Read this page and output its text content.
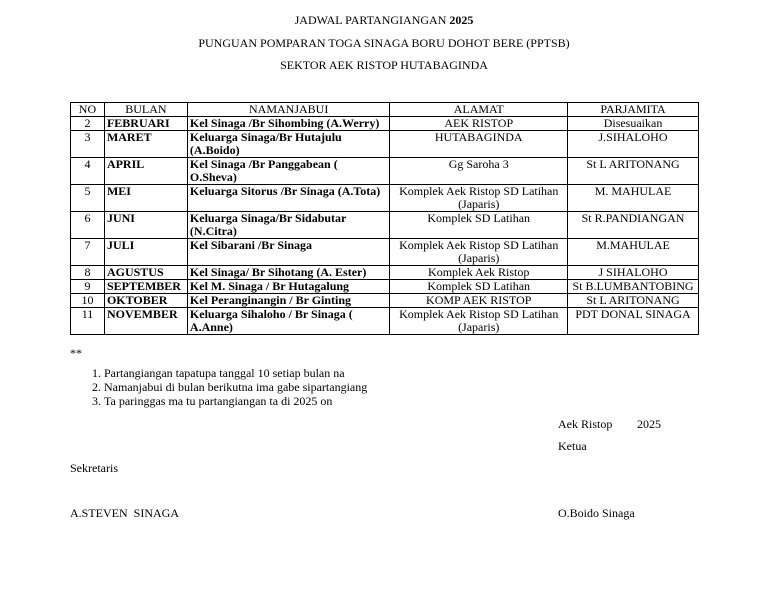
JADWAL PARTANGIANGAN 2025
PUNGUAN POMPARAN TOGA SINAGA BORU DOHOT BERE (PPTSB)
SEKTOR AEK RISTOP HUTABAGINDA
NO	BULAN	NAMANJABUI	ALAMAT	PARJAMITA
2	FEBRUARI	Kel Sinaga /Br Sihombing (A.Werry)	AEK RISTOP	Disesuaikan
3	MARET	Keluarga Sinaga/Br Hutajulu (A.Boido)	HUTABAGINDA	J.SIHALOHO
4	APRIL	Kel Sinaga /Br Panggabean ( O.Sheva)	Gg Saroha 3	St L ARITONANG
5	MEI	Keluarga Sitorus /Br Sinaga (A.Tota)	Komplek Aek Ristop SD Latihan (Japaris)	M. MAHULAE
6	JUNI	Keluarga Sinaga/Br Sidabutar (N.Citra)	Komplek SD Latihan	St R.PANDIANGAN
7	JULI	Kel Sibarani /Br Sinaga	Komplek Aek Ristop SD Latihan (Japaris)	M.MAHULAE
8	AGUSTUS	Kel Sinaga/ Br Sihotang (A. Ester)	Komplek Aek Ristop	J SIHALOHO
9	SEPTEMBER	Kel M. Sinaga / Br Hutagalung	Komplek SD Latihan	St B.LUMBANTOBING
10	OKTOBER	Kel Peranginangin / Br Ginting	KOMP AEK RISTOP	St L ARITONANG
11	NOVEMBER	Keluarga Sihaloho / Br Sinaga ( A.Anne)	Komplek Aek Ristop SD Latihan (Japaris)	PDT DONAL SINAGA
**
1. Partangiangan tapatupa tanggal 10 setiap bulan na
2. Namanjabui di bulan berikutna ima gabe sipartangiang
3. Ta paringgas ma tu partangiangan ta di 2025 on
Aek Ristop 2025
Ketua
Sekretaris
A.STEVEN  SINAGA	O.Boido Sinaga
